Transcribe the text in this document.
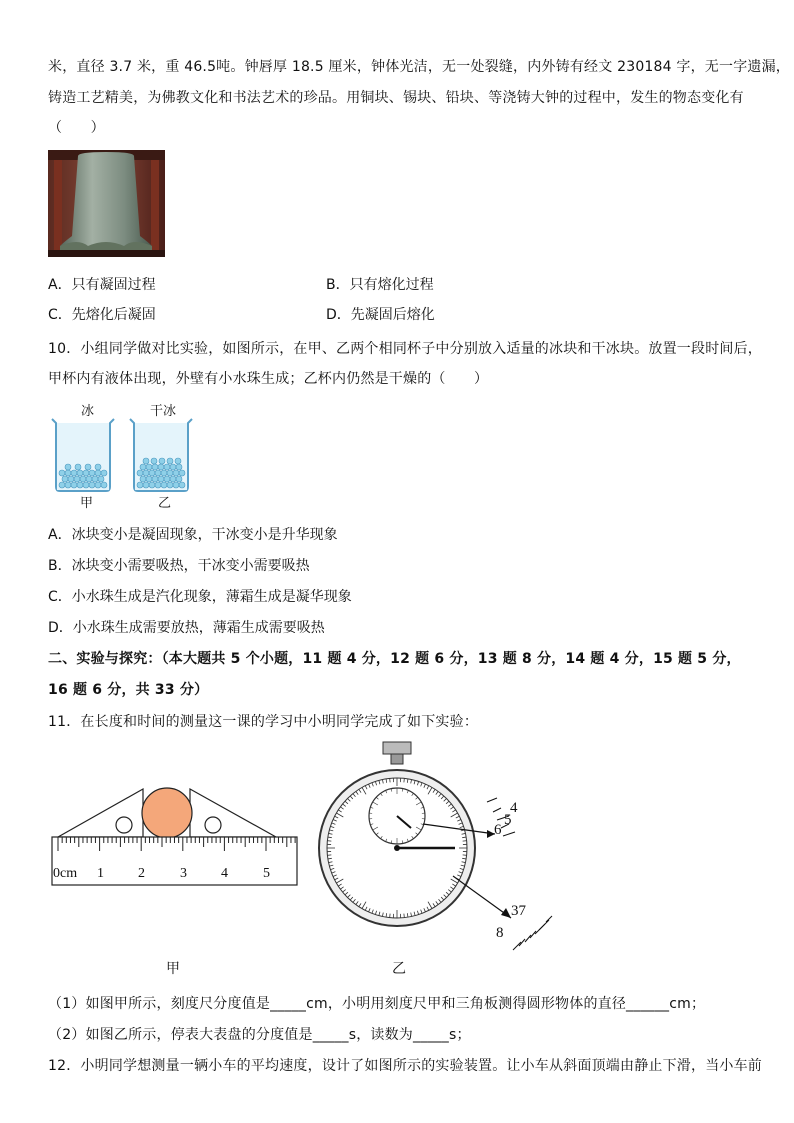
米，直径 3.7 米，重 46.5吨。钟唇厚 18.5 厘米，钟体光洁，无一处裂缝，内外铸有经文 230184 字，无一字遗漏，
铸造工艺精美，为佛教文化和书法艺术的珍品。用铜块、锡块、铅块、等浇铸大钟的过程中，发生的物态变化有
（　　）
A．只有凝固过程	B．只有熔化过程
C．先熔化后凝固	D．先凝固后熔化
10．小组同学做对比实验，如图所示，在甲、乙两个相同杯子中分别放入适量的冰块和干冰块。放置一段时间后，
甲杯内有液体出现，外壁有小水珠生成；乙杯内仍然是干燥的（　　）
冰	干冰
甲	乙
A．冰块变小是凝固现象，干冰变小是升华现象
B．冰块变小需要吸热，干冰变小需要吸热
C．小水珠生成是汽化现象，薄霜生成是凝华现象
D．小水珠生成需要放热，薄霜生成需要吸热
二、实验与探究：（本大题共 5 个小题，11 题 4 分，12 题 6 分，13 题 8 分，14 题 4 分，15 题 5 分，
16 题 6 分，共 33 分）
11．在长度和时间的测量这一课的学习中小明同学完成了如下实验：
0cm 1 2	3 4	5
4
6
5
37
8
甲	乙
（1）如图甲所示，刻度尺分度值是_____cm，小明用刻度尺甲和三角板测得圆形物体的直径______cm；
（2）如图乙所示，停表大表盘的分度值是_____s，读数为_____s；
12．小明同学想测量一辆小车的平均速度，设计了如图所示的实验装置。让小车从斜面顶端由静止下滑，当小车前
